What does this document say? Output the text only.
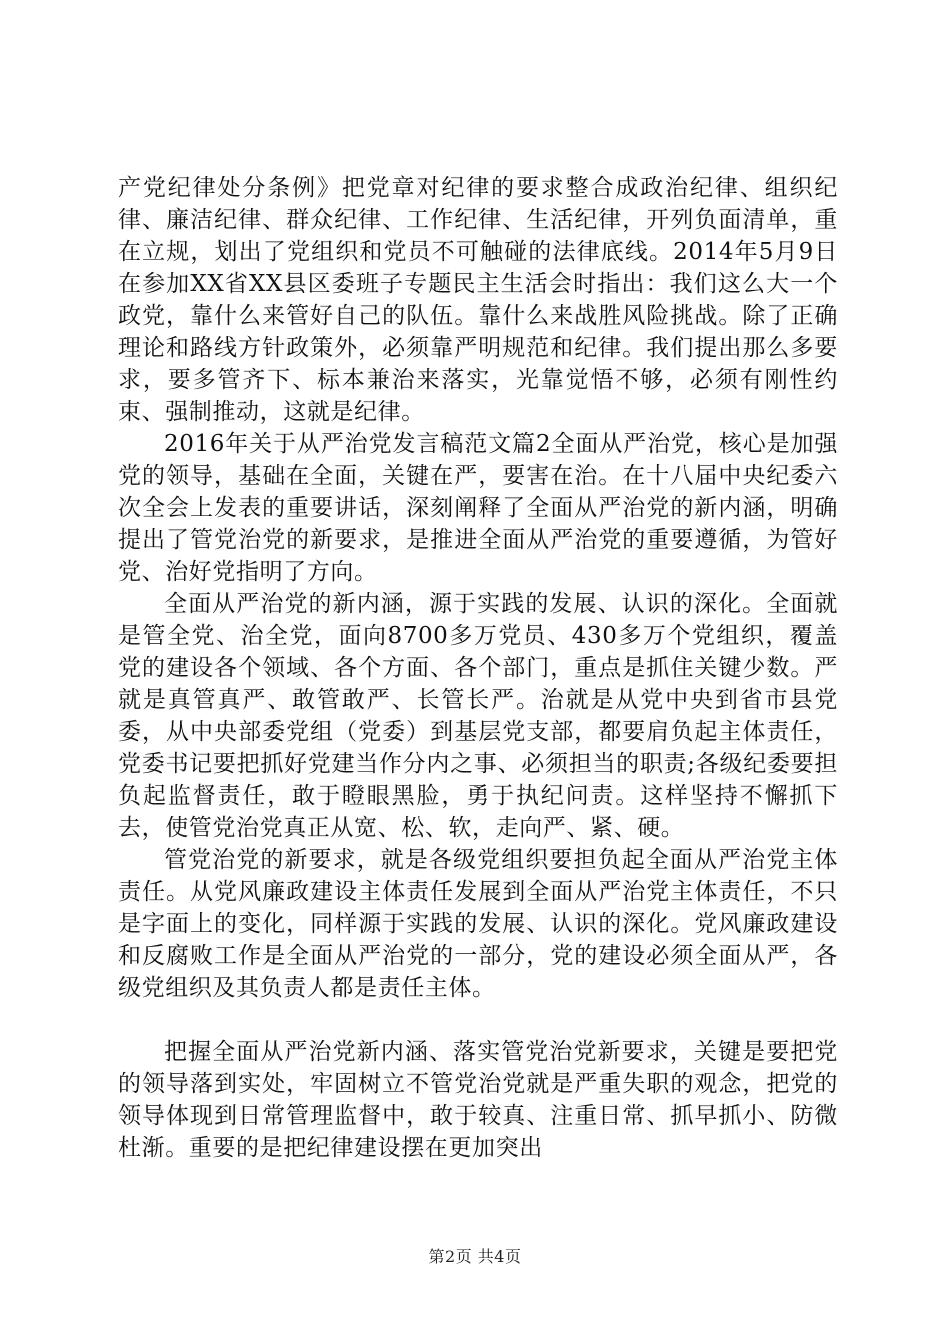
产党纪律处分条例》把党章对纪律的要求整合成政治纪律、组织纪律、廉洁纪律、群众纪律、工作纪律、生活纪律，开列负面清单，重在立规，划出了党组织和党员不可触碰的法律底线。2014年5月9日在参加XX省XX县区委班子专题民主生活会时指出：我们这么大一个政党，靠什么来管好自己的队伍。靠什么来战胜风险挑战。除了正确理论和路线方针政策外，必须靠严明规范和纪律。我们提出那么多要求，要多管齐下、标本兼治来落实，光靠觉悟不够，必须有刚性约束、强制推动，这就是纪律。

2016年关于从严治党发言稿范文篇2全面从严治党，核心是加强党的领导，基础在全面，关键在严，要害在治。在十八届中央纪委六次全会上发表的重要讲话，深刻阐释了全面从严治党的新内涵，明确提出了管党治党的新要求，是推进全面从严治党的重要遵循，为管好党、治好党指明了方向。

全面从严治党的新内涵，源于实践的发展、认识的深化。全面就是管全党、治全党，面向8700多万党员、430多万个党组织，覆盖党的建设各个领域、各个方面、各个部门，重点是抓住关键少数。严就是真管真严、敢管敢严、长管长严。治就是从党中央到省市县党委，从中央部委党组（党委）到基层党支部，都要肩负起主体责任，党委书记要把抓好党建当作分内之事、必须担当的职责;各级纪委要担负起监督责任，敢于瞪眼黑脸，勇于执纪问责。这样坚持不懈抓下去，使管党治党真正从宽、松、软，走向严、紧、硬。

管党治党的新要求，就是各级党组织要担负起全面从严治党主体责任。从党风廉政建设主体责任发展到全面从严治党主体责任，不只是字面上的变化，同样源于实践的发展、认识的深化。党风廉政建设和反腐败工作是全面从严治党的一部分，党的建设必须全面从严，各级党组织及其负责人都是责任主体。

把握全面从严治党新内涵、落实管党治党新要求，关键是要把党的领导落到实处，牢固树立不管党治党就是严重失职的观念，把党的领导体现到日常管理监督中，敢于较真、注重日常、抓早抓小、防微杜渐。重要的是把纪律建设摆在更加突出

第2页 共4页
